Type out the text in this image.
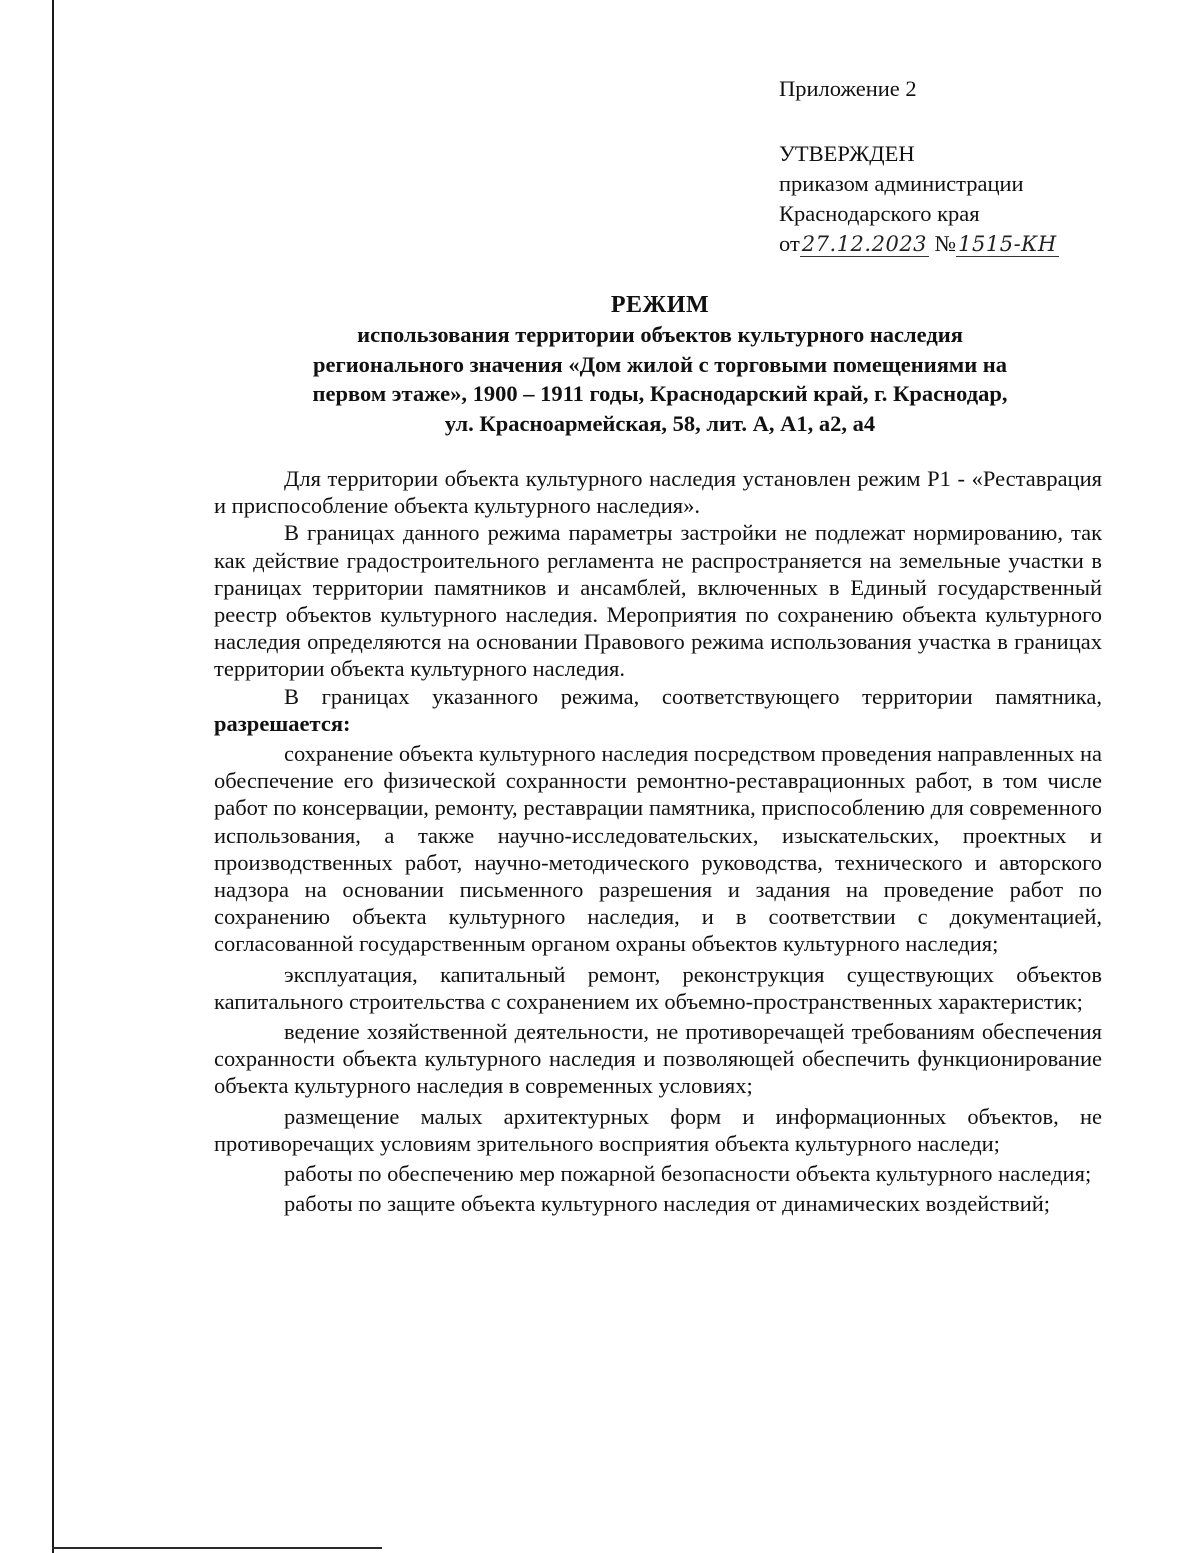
Приложение 2
УТВЕРЖДЕН
приказом администрации
Краснодарского края
от27.12.2023 №1515-КН
РЕЖИМ
использования территории объектов культурного наследия
регионального значения «Дом жилой с торговыми помещениями на
первом этаже», 1900 – 1911 годы, Краснодарский край, г. Краснодар,
ул. Красноармейская, 58, лит. А, А1, а2, а4

Для территории объекта культурного наследия установлен режим Р1 - «Реставрация и приспособление объекта культурного наследия».

В границах данного режима параметры застройки не подлежат нормированию, так как действие градостроительного регламента не распространяется на земельные участки в границах территории памятников и ансамблей, включенных в Единый государственный реестр объектов культурного наследия. Мероприятия по сохранению объекта культурного наследия определяются на основании Правового режима использования участка в границах территории объекта культурного наследия.

В границах указанного режима, соответствующего территории памятника, разрешается:

сохранение объекта культурного наследия посредством проведения направленных на обеспечение его физической сохранности ремонтно-реставрационных работ, в том числе работ по консервации, ремонту, реставрации памятника, приспособлению для современного использования, а также научно-исследовательских, изыскательских, проектных и производственных работ, научно-методического руководства, технического и авторского надзора на основании письменного разрешения и задания на проведение работ по сохранению объекта культурного наследия, и в соответствии с документацией, согласованной государственным органом охраны объектов культурного наследия;

эксплуатация, капитальный ремонт, реконструкция существующих объектов капитального строительства с сохранением их объемно-пространственных характеристик;

ведение хозяйственной деятельности, не противоречащей требованиям обеспечения сохранности объекта культурного наследия и позволяющей обеспечить функционирование объекта культурного наследия в современных условиях;

размещение малых архитектурных форм и информационных объектов, не противоречащих условиям зрительного восприятия объекта культурного наследи;

работы по обеспечению мер пожарной безопасности объекта культурного наследия;

работы по защите объекта культурного наследия от динамических воздействий;
